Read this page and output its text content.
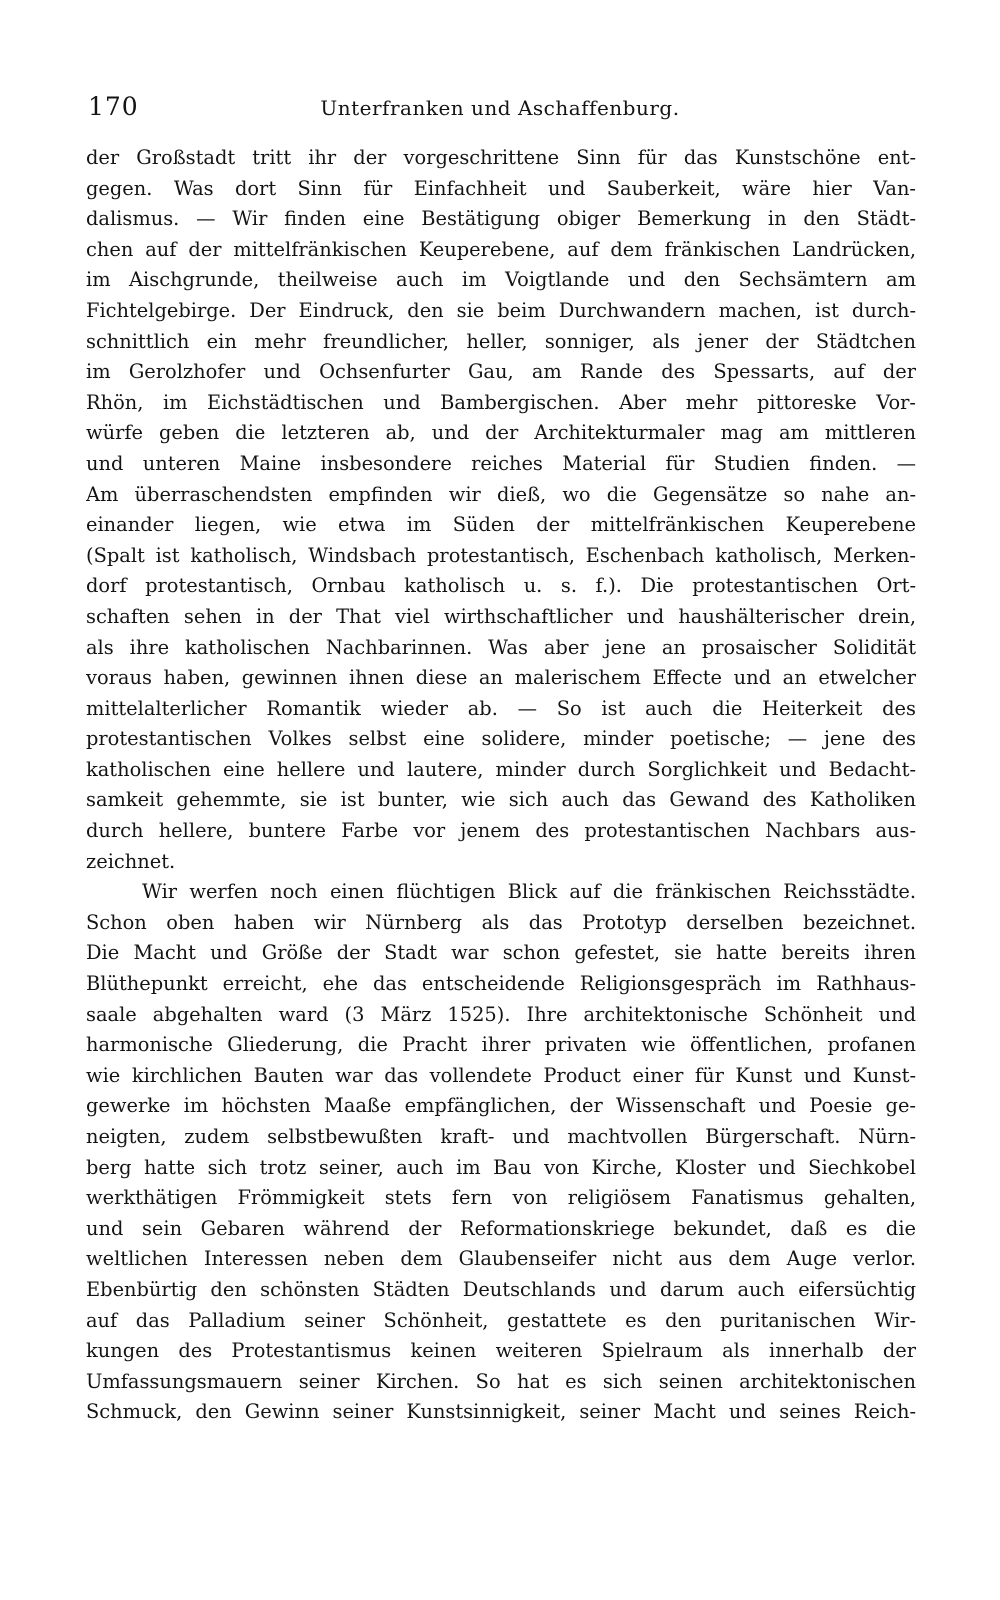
170	Unterfranken und Aschaffenburg.
der Großstadt tritt ihr der vorgeschrittene Sinn für das Kunstschöne ent-
gegen. Was dort Sinn für Einfachheit und Sauberkeit, wäre hier Van-
dalismus. — Wir finden eine Bestätigung obiger Bemerkung in den Städt-
chen auf der mittelfränkischen Keuperebene, auf dem fränkischen Landrücken,
im Aischgrunde, theilweise auch im Voigtlande und den Sechsämtern am
Fichtelgebirge. Der Eindruck, den sie beim Durchwandern machen, ist durch-
schnittlich ein mehr freundlicher, heller, sonniger, als jener der Städtchen
im Gerolzhofer und Ochsenfurter Gau, am Rande des Spessarts, auf der
Rhön, im Eichstädtischen und Bambergischen. Aber mehr pittoreske Vor-
würfe geben die letzteren ab, und der Architekturmaler mag am mittleren
und unteren Maine insbesondere reiches Material für Studien finden. —
Am überraschendsten empfinden wir dieß, wo die Gegensätze so nahe an-
einander liegen, wie etwa im Süden der mittelfränkischen Keuperebene
(Spalt ist katholisch, Windsbach protestantisch, Eschenbach katholisch, Merken-
dorf protestantisch, Ornbau katholisch u. s. f.). Die protestantischen Ort-
schaften sehen in der That viel wirthschaftlicher und haushälterischer drein,
als ihre katholischen Nachbarinnen. Was aber jene an prosaischer Solidität
voraus haben, gewinnen ihnen diese an malerischem Effecte und an etwelcher
mittelalterlicher Romantik wieder ab. — So ist auch die Heiterkeit des
protestantischen Volkes selbst eine solidere, minder poetische; — jene des
katholischen eine hellere und lautere, minder durch Sorglichkeit und Bedacht-
samkeit gehemmte, sie ist bunter, wie sich auch das Gewand des Katholiken
durch hellere, buntere Farbe vor jenem des protestantischen Nachbars aus-
zeichnet.
Wir werfen noch einen flüchtigen Blick auf die fränkischen Reichsstädte.
Schon oben haben wir Nürnberg als das Prototyp derselben bezeichnet.
Die Macht und Größe der Stadt war schon gefestet, sie hatte bereits ihren
Blüthepunkt erreicht, ehe das entscheidende Religionsgespräch im Rathhaus-
saale abgehalten ward (3 März 1525). Ihre architektonische Schönheit und
harmonische Gliederung, die Pracht ihrer privaten wie öffentlichen, profanen
wie kirchlichen Bauten war das vollendete Product einer für Kunst und Kunst-
gewerke im höchsten Maaße empfänglichen, der Wissenschaft und Poesie ge-
neigten, zudem selbstbewußten kraft- und machtvollen Bürgerschaft. Nürn-
berg hatte sich trotz seiner, auch im Bau von Kirche, Kloster und Siechkobel
werkthätigen Frömmigkeit stets fern von religiösem Fanatismus gehalten,
und sein Gebaren während der Reformationskriege bekundet, daß es die
weltlichen Interessen neben dem Glaubenseifer nicht aus dem Auge verlor.
Ebenbürtig den schönsten Städten Deutschlands und darum auch eifersüchtig
auf das Palladium seiner Schönheit, gestattete es den puritanischen Wir-
kungen des Protestantismus keinen weiteren Spielraum als innerhalb der
Umfassungsmauern seiner Kirchen. So hat es sich seinen architektonischen
Schmuck, den Gewinn seiner Kunstsinnigkeit, seiner Macht und seines Reich-
